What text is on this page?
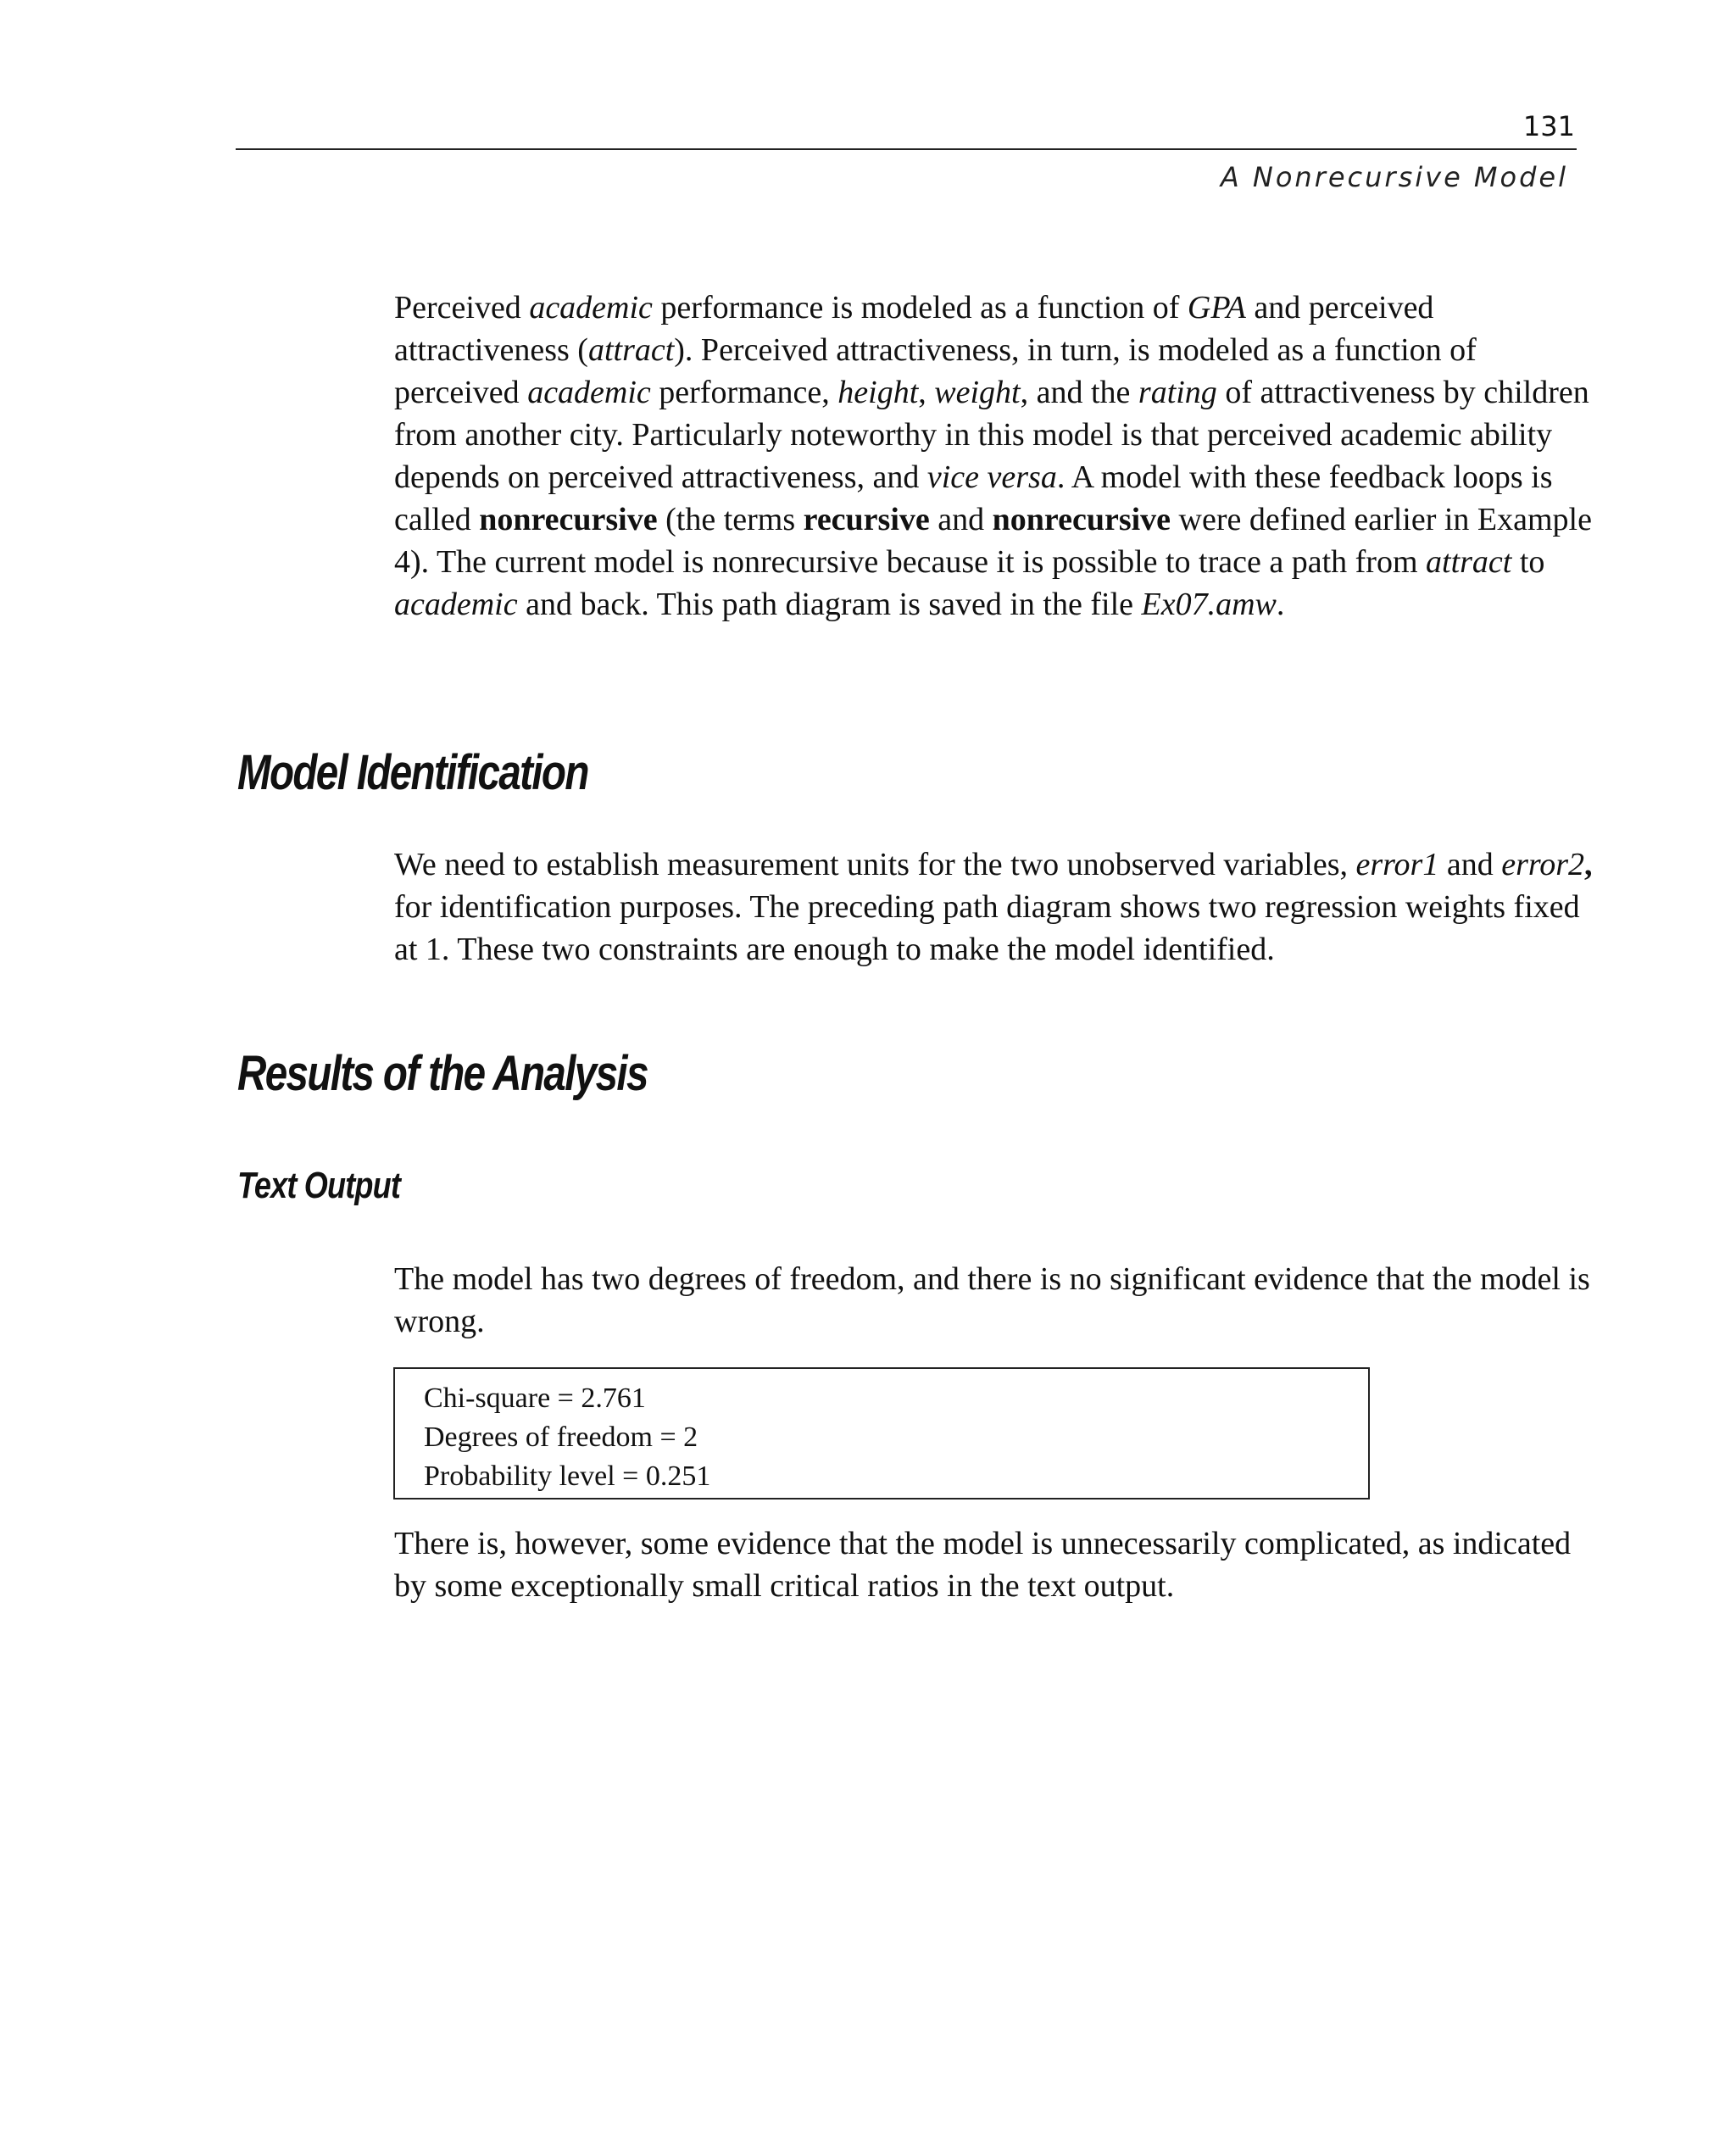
131
A Nonrecursive Model

Perceived academic performance is modeled as a function of GPA and perceived attractiveness (attract). Perceived attractiveness, in turn, is modeled as a function of perceived academic performance, height, weight, and the rating of attractiveness by children from another city. Particularly noteworthy in this model is that perceived academic ability depends on perceived attractiveness, and vice versa. A model with these feedback loops is called nonrecursive (the terms recursive and nonrecursive were defined earlier in Example 4). The current model is nonrecursive because it is possible to trace a path from attract to academic and back. This path diagram is saved in the file Ex07.amw.

Model Identification

We need to establish measurement units for the two unobserved variables, error1 and error2, for identification purposes. The preceding path diagram shows two regression weights fixed at 1. These two constraints are enough to make the model identified.

Results of the Analysis
Text Output

The model has two degrees of freedom, and there is no significant evidence that the model is wrong.

Chi-square = 2.761
Degrees of freedom = 2
Probability level = 0.251

There is, however, some evidence that the model is unnecessarily complicated, as indicated by some exceptionally small critical ratios in the text output.
